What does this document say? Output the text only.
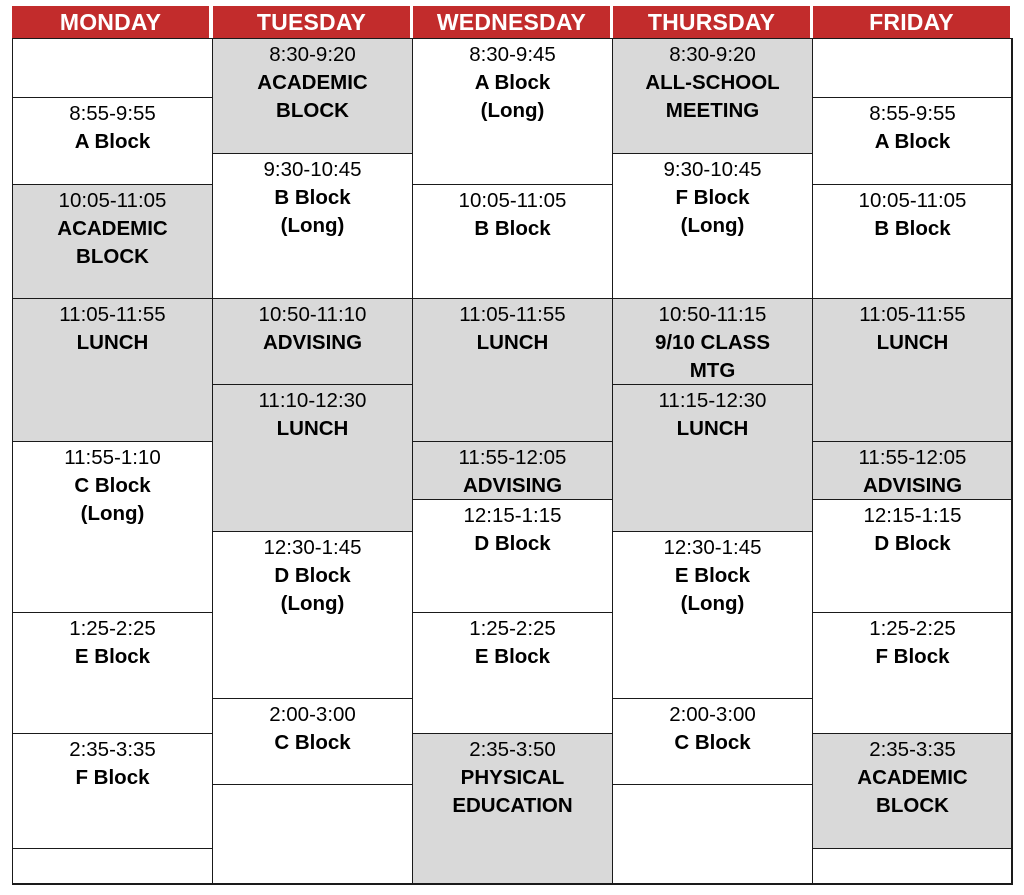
MONDAY
8:55-9:55
A Block
10:05-11:05
ACADEMIC
BLOCK
11:05-11:55
LUNCH
11:55-1:10
C Block
(Long)
1:25-2:25
E Block
2:35-3:35
F Block
TUESDAY
8:30-9:20
ACADEMIC
BLOCK
9:30-10:45
B Block
(Long)
10:50-11:10
ADVISING
11:10-12:30
LUNCH
12:30-1:45
D Block
(Long)
2:00-3:00
C Block
WEDNESDAY
8:30-9:45
A Block
(Long)
10:05-11:05
B Block
11:05-11:55
LUNCH
11:55-12:05
ADVISING
12:15-1:15
D Block
1:25-2:25
E Block
2:35-3:50
PHYSICAL
EDUCATION
THURSDAY
8:30-9:20
ALL-SCHOOL
MEETING
9:30-10:45
F Block
(Long)
10:50-11:15
9/10 CLASS
MTG
11:15-12:30
LUNCH
12:30-1:45
E Block
(Long)
2:00-3:00
C Block
FRIDAY
8:55-9:55
A Block
10:05-11:05
B Block
11:05-11:55
LUNCH
11:55-12:05
ADVISING
12:15-1:15
D Block
1:25-2:25
F Block
2:35-3:35
ACADEMIC
BLOCK
